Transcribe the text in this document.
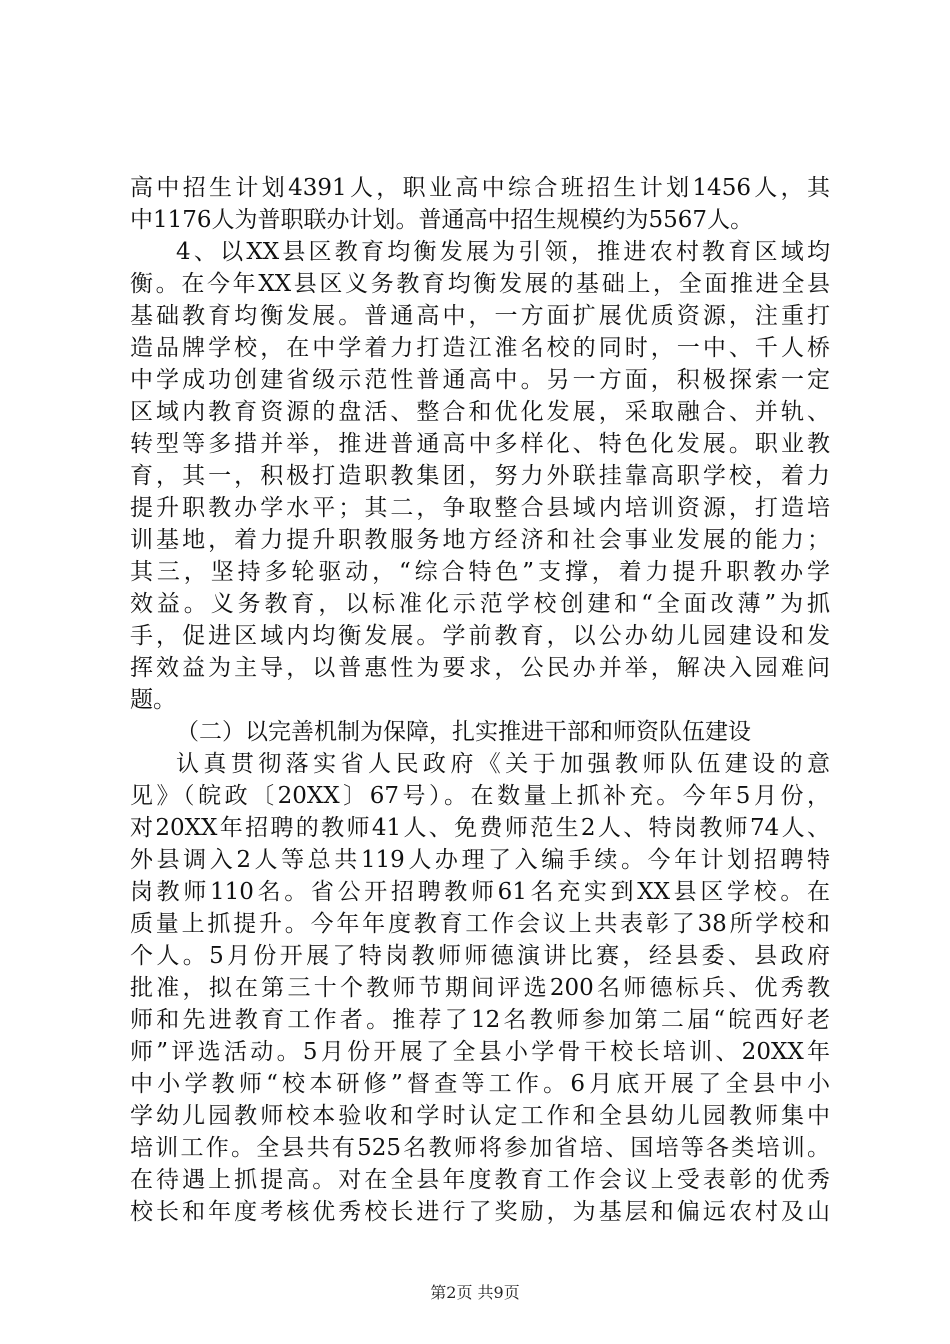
高中招生计划4391人，职业高中综合班招生计划1456人，其
中1176人为普职联办计划。普通高中招生规模约为5567人。
4、以XX县区教育均衡发展为引领，推进农村教育区域均
衡。在今年XX县区义务教育均衡发展的基础上，全面推进全县
基础教育均衡发展。普通高中，一方面扩展优质资源，注重打
造品牌学校，在中学着力打造江淮名校的同时，一中、千人桥
中学成功创建省级示范性普通高中。另一方面，积极探索一定
区域内教育资源的盘活、整合和优化发展，采取融合、并轨、
转型等多措并举，推进普通高中多样化、特色化发展。职业教
育，其一，积极打造职教集团，努力外联挂靠高职学校，着力
提升职教办学水平；其二，争取整合县域内培训资源，打造培
训基地，着力提升职教服务地方经济和社会事业发展的能力；
其三，坚持多轮驱动，“综合特色”支撑，着力提升职教办学
效益。义务教育，以标准化示范学校创建和“全面改薄”为抓
手，促进区域内均衡发展。学前教育，以公办幼儿园建设和发
挥效益为主导，以普惠性为要求，公民办并举，解决入园难问
题。
（二）以完善机制为保障，扎实推进干部和师资队伍建设
认真贯彻落实省人民政府《关于加强教师队伍建设的意
见》（皖政〔20XX〕67号）。在数量上抓补充。今年5月份，
对20XX年招聘的教师41人、免费师范生2人、特岗教师74人、
外县调入2人等总共119人办理了入编手续。今年计划招聘特
岗教师110名。省公开招聘教师61名充实到XX县区学校。在
质量上抓提升。今年年度教育工作会议上共表彰了38所学校和
个人。5月份开展了特岗教师师德演讲比赛，经县委、县政府
批准，拟在第三十个教师节期间评选200名师德标兵、优秀教
师和先进教育工作者。推荐了12名教师参加第二届“皖西好老
师”评选活动。5月份开展了全县小学骨干校长培训、20XX年
中小学教师“校本研修”督查等工作。6月底开展了全县中小
学幼儿园教师校本验收和学时认定工作和全县幼儿园教师集中
培训工作。全县共有525名教师将参加省培、国培等各类培训。
在待遇上抓提高。对在全县年度教育工作会议上受表彰的优秀
校长和年度考核优秀校长进行了奖励，为基层和偏远农村及山
第2页 共9页
